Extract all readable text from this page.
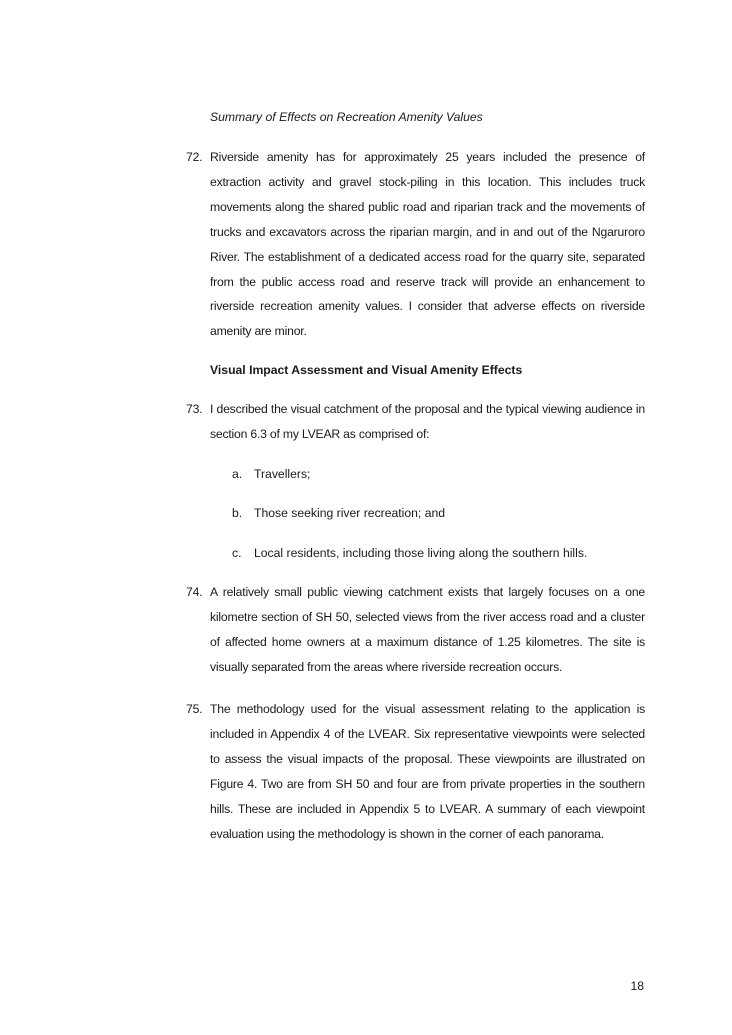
Summary of Effects on Recreation Amenity Values
72. Riverside amenity has for approximately 25 years included the presence of extraction activity and gravel stock-piling in this location. This includes truck movements along the shared public road and riparian track and the movements of trucks and excavators across the riparian margin, and in and out of the Ngaruroro River. The establishment of a dedicated access road for the quarry site, separated from the public access road and reserve track will provide an enhancement to riverside recreation amenity values. I consider that adverse effects on riverside amenity are minor.
Visual Impact Assessment and Visual Amenity Effects
73. I described the visual catchment of the proposal and the typical viewing audience in section 6.3 of my LVEAR as comprised of:
a. Travellers;
b. Those seeking river recreation; and
c. Local residents, including those living along the southern hills.
74. A relatively small public viewing catchment exists that largely focuses on a one kilometre section of SH 50, selected views from the river access road and a cluster of affected home owners at a maximum distance of 1.25 kilometres. The site is visually separated from the areas where riverside recreation occurs.
75. The methodology used for the visual assessment relating to the application is included in Appendix 4 of the LVEAR. Six representative viewpoints were selected to assess the visual impacts of the proposal. These viewpoints are illustrated on Figure 4. Two are from SH 50 and four are from private properties in the southern hills. These are included in Appendix 5 to LVEAR. A summary of each viewpoint evaluation using the methodology is shown in the corner of each panorama.
18
